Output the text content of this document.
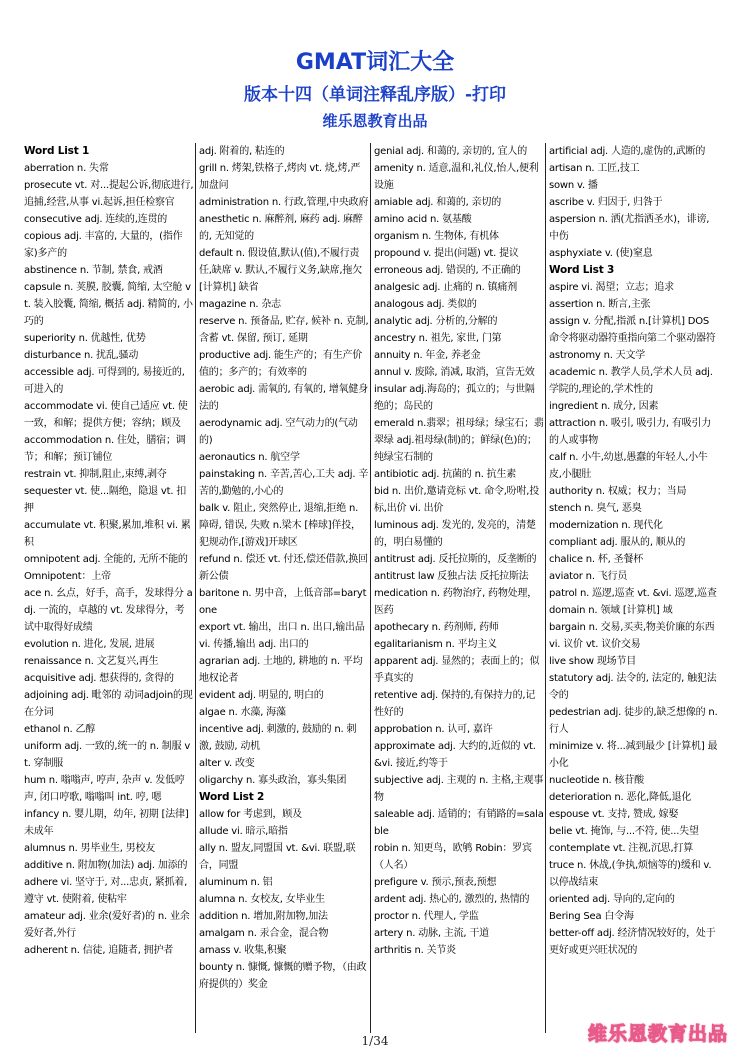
GMAT词汇大全
版本十四（单词注释乱序版）-打印
维乐恩教育出品

Word List 1

aberration n. 失常

prosecute vt. 对...提起公诉,彻底进行,追捕,经营,从事 vi.起诉,担任检察官

consecutive adj. 连续的,连贯的

copious adj. 丰富的, 大量的，(指作家)多产的

abstinence n. 节制, 禁食, 戒酒

capsule n. 荚膜, 胶囊, 简缩, 太空舱 vt. 装入胶囊, 简缩, 概括 adj. 精简的, 小巧的

superiority n. 优越性, 优势

disturbance n. 扰乱,骚动

accessible adj. 可得到的, 易接近的, 可进入的

accommodate vi. 使自己适应 vt. 使一致，和解；提供方便；容纳；顾及

accommodation n. 住处，膳宿；调节；和解；预订铺位

restrain vt. 抑制,阻止,束缚,剥夺

sequester vt. 使...隔绝，隐退 vt. 扣押

accumulate vt. 积聚,累加,堆积 vi. 累积

omnipotent adj. 全能的, 无所不能的 Omnipotent：上帝

ace n. 幺点，好手，高手，发球得分 adj. 一流的，卓越的 vt. 发球得分，考试中取得好成绩

evolution n. 进化, 发展, 进展

renaissance n. 文艺复兴,再生

acquisitive adj. 想获得的, 贪得的

adjoining adj. 毗邻的 动词adjoin的现在分词

ethanol n. 乙醇

uniform adj. 一致的,统一的 n. 制服 vt. 穿制服

hum n. 嗡嗡声, 哼声, 杂声 v. 发低哼声, 闭口哼歌, 嗡嗡叫 int. 哼, 嗯

infancy n. 婴儿期，幼年, 初期 [法律]未成年

alumnus n. 男毕业生, 男校友

additive n. 附加物(加法) adj. 加添的

adhere vi. 坚守于, 对...忠贞, 紧抓着, 遵守 vt. 使附着, 使粘牢

amateur adj. 业余(爱好者)的 n. 业余爱好者,外行

adherent n. 信徒, 追随者, 拥护者

adj. 附着的, 粘连的

grill n. 烤架,铁格子,烤肉 vt. 烧,烤,严加盘问

administration n. 行政,管理,中央政府

anesthetic n. 麻醉剂, 麻药 adj. 麻醉的, 无知觉的

default n. 假设值,默认(值),不履行责任,缺席 v. 默认,不履行义务,缺席,拖欠 [计算机] 缺省

magazine n. 杂志

reserve n. 预备品, 贮存, 候补 n. 克制, 含蓄 vt. 保留, 预订, 延期

productive adj. 能生产的；有生产价值的；多产的；有效率的

aerobic adj. 需氧的, 有氧的, 增氧健身法的

aerodynamic adj. 空气动力的(气动的)

aeronautics n. 航空学

painstaking n. 辛苦,苦心,工夫 adj. 辛苦的,勤勉的,小心的

balk v. 阻止, 突然停止, 退缩,拒绝 n. 障碍, 错误, 失败 n.梁木 [棒球]佯投，犯规动作,[游戏]开球区

refund n. 偿还 vt. 付还,偿还借款,换回新公债

baritone n. 男中音，上低音部=barytone

export vt. 输出，出口 n. 出口,输出品 vi. 传播,输出 adj. 出口的

agrarian adj. 土地的, 耕地的 n. 平均地权论者

evident adj. 明显的, 明白的

algae n. 水藻, 海藻

incentive adj. 刺激的, 鼓励的 n. 刺激, 鼓励, 动机

alter v. 改变

oligarchy n. 寡头政治，寡头集团

Word List 2

allow for 考虑到，顾及

allude vi. 暗示,暗指

ally n. 盟友,同盟国 vt. &vi. 联盟,联合，同盟

aluminum n. 铝

alumna n. 女校友, 女毕业生

addition n. 增加,附加物,加法

amalgam n. 汞合金，混合物

amass v. 收集,积聚

bounty n. 慷慨, 慷慨的赠予物，（由政府提供的）奖金

genial adj. 和蔼的, 亲切的, 宜人的

amenity n. 适意,温和,礼仪,怡人,便利设施

amiable adj. 和蔼的, 亲切的

amino acid n. 氨基酸

organism n. 生物体, 有机体

propound v. 提出(问题) vt. 提议

erroneous adj. 错误的, 不正确的

analgesic adj. 止痛的 n. 镇痛剂

analogous adj. 类似的

analytic adj. 分析的,分解的

ancestry n. 祖先, 家世, 门第

annuity n. 年金, 养老金

annul v. 废除, 消减, 取消，宣告无效

insular adj.海岛的；孤立的；与世隔绝的；岛民的

emerald n.翡翠；祖母绿；绿宝石；翡翠绿 adj.祖母绿(制)的；鲜绿(色)的；纯绿宝石制的

antibiotic adj. 抗菌的 n. 抗生素

bid n. 出价,邀请竞标 vt. 命令,吩咐,投标,出价 vi. 出价

luminous adj. 发光的, 发亮的，清楚的，明白易懂的

antitrust adj. 反托拉斯的，反垄断的

antitrust law 反独占法 反托拉斯法

medication n. 药物治疗, 药物处理，医药

apothecary n. 药剂师, 药师

egalitarianism n. 平均主义

apparent adj. 显然的；表面上的；似乎真实的

retentive adj. 保持的,有保持力的,记性好的

approbation n. 认可, 嘉许

approximate adj. 大约的,近似的 vt. &vi. 接近,约等于

subjective adj. 主观的 n. 主格,主观事物

saleable adj. 适销的；有销路的=salable

robin n. 知更鸟，欧鸲 Robin：罗宾（人名）

prefigure v. 预示,预表,预想

ardent adj. 热心的, 激烈的, 热情的

proctor n. 代理人, 学监

artery n. 动脉, 主流, 干道

arthritis n. 关节炎

artificial adj. 人造的,虚伪的,武断的

artisan n. 工匠,技工

sown v. 播

ascribe v. 归因于, 归咎于

aspersion n. 洒(尤指洒圣水)，诽谤, 中伤

asphyxiate v. (使)窒息

Word List 3

aspire vi. 渴望；立志；追求

assertion n. 断言,主张

assign v. 分配,指派 n.[计算机] DOS 命令将驱动器符重指向第二个驱动器符

astronomy n. 天文学

academic n. 教学人员,学术人员 adj. 学院的,理论的,学术性的

ingredient n. 成分, 因素

attraction n. 吸引, 吸引力, 有吸引力的人或事物

calf n. 小牛,幼崽,愚蠢的年轻人,小牛皮,小腿肚

authority n. 权威；权力；当局

stench n. 臭气, 恶臭

modernization n. 现代化

compliant adj. 服从的, 顺从的

chalice n. 杯, 圣餐杯

aviator n. 飞行员

patrol n. 巡逻,巡查 vt. &vi. 巡逻,巡查

domain n. 领域 [计算机] 域

bargain n. 交易,买卖,物美价廉的东西 vi. 议价 vt. 议价交易

live show 现场节目

statutory adj. 法令的, 法定的, 触犯法令的

pedestrian adj. 徒步的,缺乏想像的 n. 行人

minimize v. 将...减到最少 [计算机] 最小化

nucleotide n. 核苷酸

deterioration n. 恶化,降低,退化

espouse vt. 支持, 赞成, 嫁娶

belie vt. 掩饰, 与...不符, 使...失望

contemplate vt. 注视,沉思,打算

truce n. 休战,(争执,烦恼等的)缓和 v. 以停战结束

oriented adj. 导向的,定向的

Bering Sea 白令海

better-off adj. 经济情况较好的，处于更好或更兴旺状况的

1/34	维乐恩教育出品
